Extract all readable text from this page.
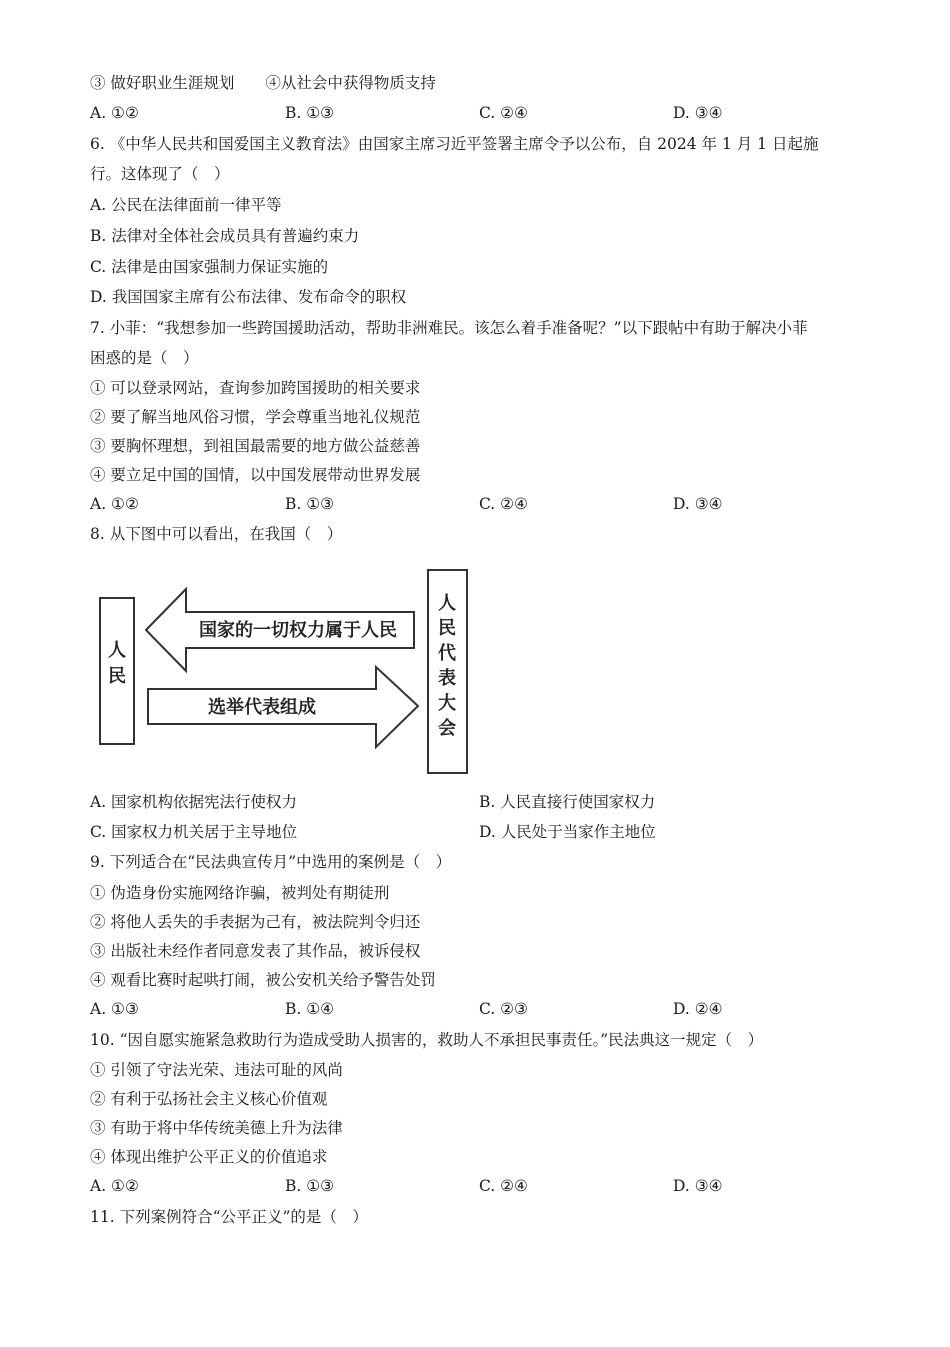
③ 做好职业生涯规划　　④从社会中获得物质支持
A. ①②	B. ①③	C. ②④	D. ③④
6. 《中华人民共和国爱国主义教育法》由国家主席习近平签署主席令予以公布，自 2024 年 1 月 1 日起施
行。这体现了（　）
A. 公民在法律面前一律平等
B. 法律对全体社会成员具有普遍约束力
C. 法律是由国家强制力保证实施的
D. 我国国家主席有公布法律、发布命令的职权
7. 小菲：“我想参加一些跨国援助活动，帮助非洲难民。该怎么着手准备呢？”以下跟帖中有助于解决小菲
困惑的是（　）
① 可以登录网站，查询参加跨国援助的相关要求
② 要了解当地风俗习惯，学会尊重当地礼仪规范
③ 要胸怀理想，到祖国最需要的地方做公益慈善
④ 要立足中国的国情，以中国发展带动世界发展
A. ①②	B. ①③	C. ②④	D. ③④
8. 从下图中可以看出，在我国（　）
人
民
人
民
代
表
大
会
国家的一切权力属于人民
选举代表组成
A. 国家机构依据宪法行使权力	B. 人民直接行使国家权力
C. 国家权力机关居于主导地位	D. 人民处于当家作主地位
9. 下列适合在“民法典宣传月”中选用的案例是（　）
① 伪造身份实施网络诈骗，被判处有期徒刑
② 将他人丢失的手表据为己有，被法院判令归还
③ 出版社未经作者同意发表了其作品，被诉侵权
④ 观看比赛时起哄打闹，被公安机关给予警告处罚
A. ①③	B. ①④	C. ②③	D. ②④
10. “因自愿实施紧急救助行为造成受助人损害的，救助人不承担民事责任。”民法典这一规定（　）
① 引领了守法光荣、违法可耻的风尚
② 有利于弘扬社会主义核心价值观
③ 有助于将中华传统美德上升为法律
④ 体现出维护公平正义的价值追求
A. ①②	B. ①③	C. ②④	D. ③④
11. 下列案例符合“公平正义”的是（　）
